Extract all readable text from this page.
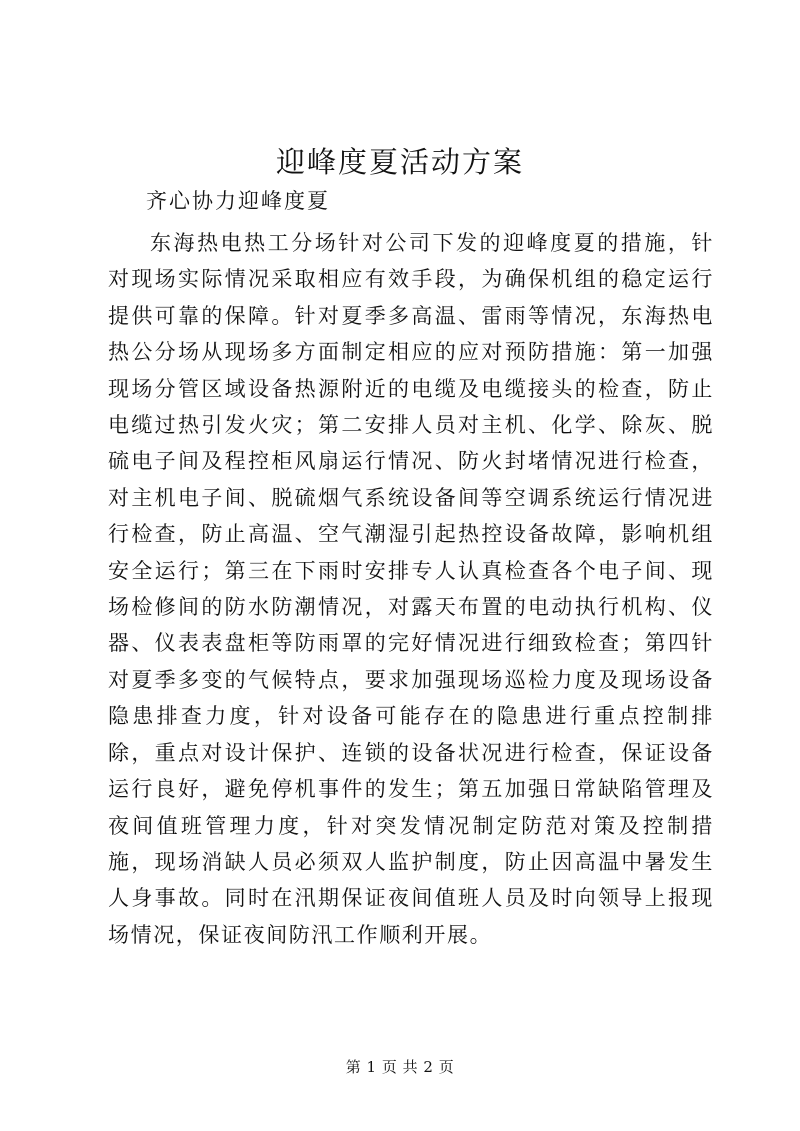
迎峰度夏活动方案
齐心协力迎峰度夏

东海热电热工分场针对公司下发的迎峰度夏的措施，针对现场实际情况采取相应有效手段，为确保机组的稳定运行提供可靠的保障。针对夏季多高温、雷雨等情况，东海热电热公分场从现场多方面制定相应的应对预防措施：第一加强现场分管区域设备热源附近的电缆及电缆接头的检查，防止电缆过热引发火灾；第二安排人员对主机、化学、除灰、脱硫电子间及程控柜风扇运行情况、防火封堵情况进行检查，对主机电子间、脱硫烟气系统设备间等空调系统运行情况进行检查，防止高温、空气潮湿引起热控设备故障，影响机组安全运行；第三在下雨时安排专人认真检查各个电子间、现场检修间的防水防潮情况，对露天布置的电动执行机构、仪器、仪表表盘柜等防雨罩的完好情况进行细致检查；第四针对夏季多变的气候特点，要求加强现场巡检力度及现场设备隐患排查力度，针对设备可能存在的隐患进行重点控制排除，重点对设计保护、连锁的设备状况进行检查，保证设备运行良好，避免停机事件的发生；第五加强日常缺陷管理及夜间值班管理力度，针对突发情况制定防范对策及控制措施，现场消缺人员必须双人监护制度，防止因高温中暑发生人身事故。同时在汛期保证夜间值班人员及时向领导上报现场情况，保证夜间防汛工作顺利开展。

第 1 页 共 2 页
